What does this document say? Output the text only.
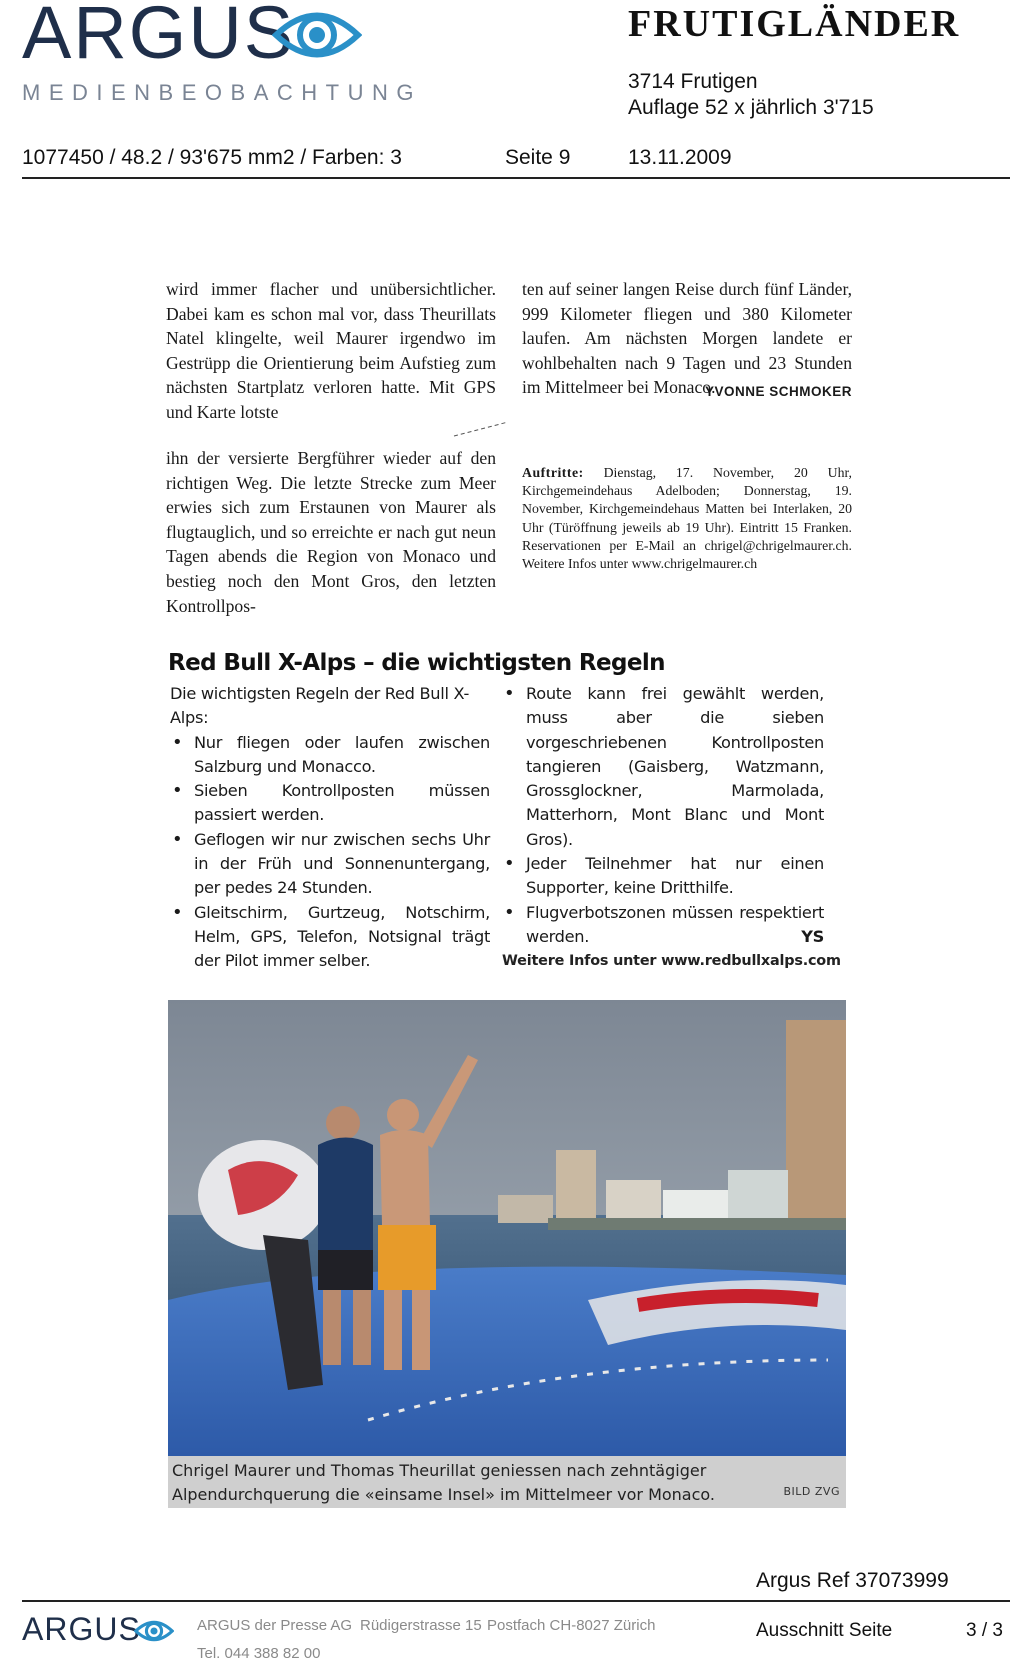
ARGUS
MEDIENBEOBACHTUNG
FRUTIGLÄNDER
3714 Frutigen
Auflage 52 x jährlich 3'715
1077450 / 48.2 / 93'675 mm2 / Farben: 3	Seite 9	13.11.2009

wird immer flacher und unübersichtlicher. Dabei kam es schon mal vor, dass Theurillats Natel klingelte, weil Maurer irgendwo im Gestrüpp die Orientierung beim Aufstieg zum nächsten Startplatz verloren hatte. Mit GPS und Karte lotste

ihn der versierte Bergführer wieder auf den richtigen Weg. Die letzte Strecke zum Meer erwies sich zum Erstaunen von Maurer als flugtauglich, und so erreichte er nach gut neun Tagen abends die Region von Monaco und bestieg noch den Mont Gros, den letzten Kontrollpos-

ten auf seiner langen Reise durch fünf Länder, 999 Kilometer fliegen und 380 Kilometer laufen. Am nächsten Morgen landete er wohlbehalten nach 9 Tagen und 23 Stunden im Mittelmeer bei Monaco.

YVONNE SCHMOKER
Auftritte: Dienstag, 17. November, 20 Uhr, Kirchgemeindehaus Adelboden; Donnerstag, 19. November, Kirchgemeindehaus Matten bei Interlaken, 20 Uhr (Türöffnung jeweils ab 19 Uhr). Eintritt 15 Franken. Reservationen per E-Mail an chrigel@chrigelmaurer.ch. Weitere Infos unter www.chrigelmaurer.ch
Red Bull X-Alps – die wichtigsten Regeln

Die wichtigsten Regeln der Red Bull X-Alps:

• Nur fliegen oder laufen zwischen Salzburg und Monacco.
• Sieben Kontrollposten müssen passiert werden.
• Geflogen wir nur zwischen sechs Uhr in der Früh und Sonnenuntergang, per pedes 24 Stunden.
• Gleitschirm, Gurtzeug, Notschirm, Helm, GPS, Telefon, Notsignal trägt der Pilot immer selber.
• Route kann frei gewählt werden, muss aber die sieben vorgeschriebenen Kontrollposten tangieren (Gaisberg, Watzmann, Grossglockner, Marmolada, Matterhorn, Mont Blanc und Mont Gros).
• Jeder Teilnehmer hat nur einen Supporter, keine Dritthilfe.
• Flugverbotszonen müssen respektiert werden.	YS
Weitere Infos unter www.redbullxalps.com
Chrigel Maurer und Thomas Theurillat geniessen nach zehntägiger Alpendurchquerung die «einsame Insel» im Mittelmeer vor Monaco.	BILD ZVG
Argus Ref 37073999
ARGUS	ARGUS der Presse AG Rüdigerstrasse 15 Postfach CH-8027 Zürich
Tel. 044 388 82 00
Ausschnitt Seite	3 / 3
